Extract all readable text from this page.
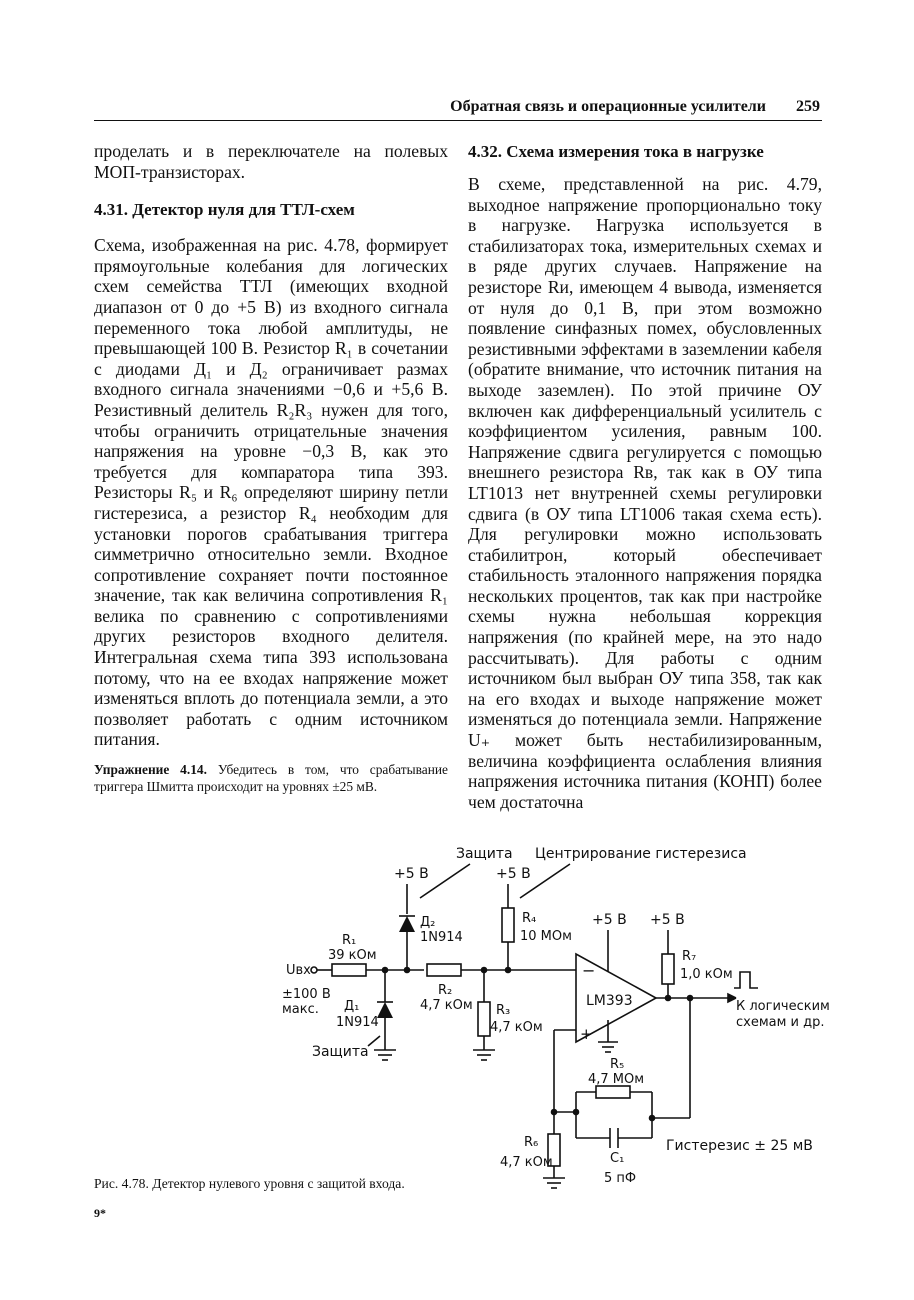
Обратная связь и операционные усилители 259

проделать и в переключателе на полевых МОП-транзисторах.

4.31. Детектор нуля для ТТЛ-схем

Схема, изображенная на рис. 4.78, формирует прямоугольные колебания для логических схем семейства ТТЛ (имеющих входной диапазон от 0 до +5 В) из входного сигнала переменного тока любой амплитуды, не превышающей 100 В. Резистор R₁ в сочетании с диодами Д₁ и Д₂ ограничивает размах входного сигнала значениями −0,6 и +5,6 В. Резистивный делитель R₂R₃ нужен для того, чтобы ограничить отрицательные значения напряжения на уровне −0,3 В, как это требуется для компаратора типа 393. Резисторы R₅ и R₆ определяют ширину петли гистерезиса, а резистор R₄ необходим для установки порогов срабатывания триггера симметрично относительно земли. Входное сопротивление сохраняет почти постоянное значение, так как величина сопротивления R₁ велика по сравнению с сопротивлениями других резисторов входного делителя. Интегральная схема типа 393 использована потому, что на ее входах напряжение может изменяться вплоть до потенциала земли, а это позволяет работать с одним источником питания.

Упражнение 4.14. Убедитесь в том, что срабатывание триггера Шмитта происходит на уровнях ±25 мВ.

4.32. Схема измерения тока в нагрузке

В схеме, представленной на рис. 4.79, выходное напряжение пропорционально току в нагрузке. Нагрузка используется в стабилизаторах тока, измерительных схемах и в ряде других случаев. Напряжение на резисторе Rи, имеющем 4 вывода, изменяется от нуля до 0,1 В, при этом возможно появление синфазных помех, обусловленных резистивными эффектами в заземлении кабеля (обратите внимание, что источник питания на выходе заземлен). По этой причине ОУ включен как дифференциальный усилитель с коэффициентом усиления, равным 100. Напряжение сдвига регулируется с помощью внешнего резистора Rв, так как в ОУ типа LT1013 нет внутренней схемы регулировки сдвига (в ОУ типа LT1006 такая схема есть). Для регулировки можно использовать стабилитрон, который обеспечивает стабильность эталонного напряжения порядка нескольких процентов, так как при настройке схемы нужна небольшая коррекция напряжения (по крайней мере, на это надо рассчитывать). Для работы с одним источником был выбран ОУ типа 358, так как на его входах и выходе напряжение может изменяться до потенциала земли. Напряжение U₊ может быть нестабилизированным, величина коэффициента ослабления влияния напряжения источника питания (КОНП) более чем достаточна

Защита Центрирование гистерезиса
+5 В
Д₂
1N914
Uвх
R₁
39 кОм
±100 В
макс. Д₁
1N914
Защита
R₂
4,7 кОм R₃
4,7 кОм
+5 В
R₄
10 МОм
−
+
LM393
+5 В +5 В
R₇
1,0 кОм
К логическим
схемам и др.
R₅
4,7 МОм
C₁
5 пФ
Гистерезис ± 25 мВ
R₆
4,7 кОм
Рис. 4.78. Детектор нулевого уровня с защитой входа.
9*
